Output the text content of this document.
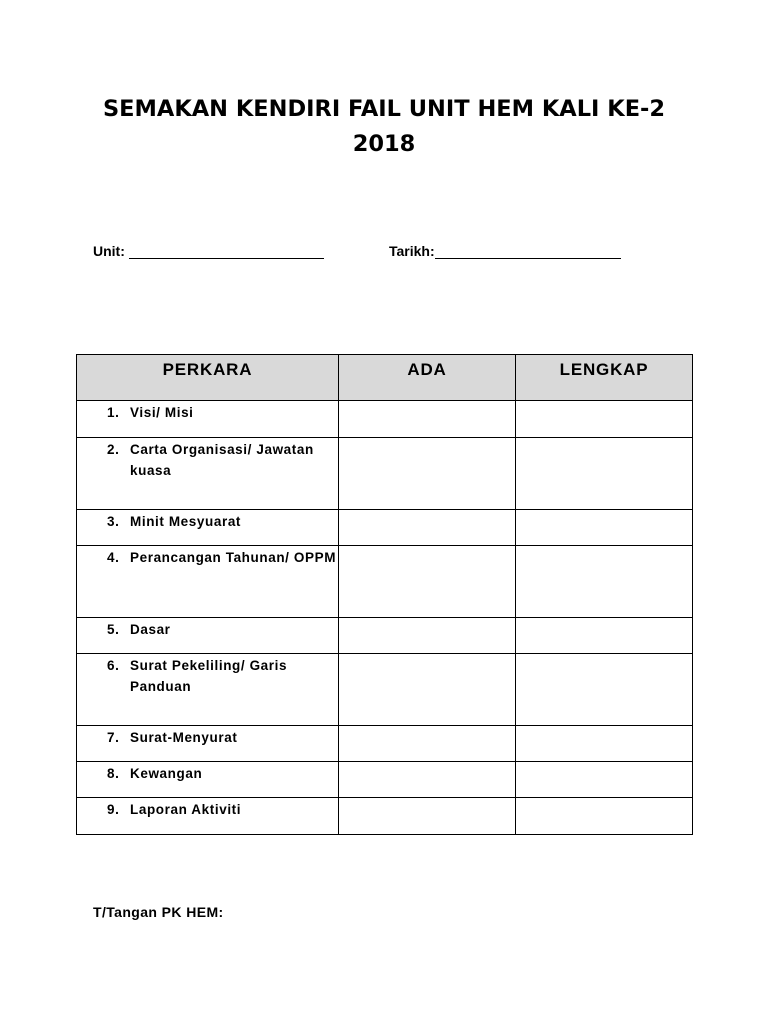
SEMAKAN KENDIRI FAIL UNIT HEM KALI KE-2
2018
Unit:	Tarikh:
PERKARA	ADA	LENGKAP

1. Visi/ Misi		

2. Carta Organisasi/ Jawatan kuasa		

3. Minit Mesyuarat		

4. Perancangan Tahunan/ OPPM		

5. Dasar		

6. Surat Pekeliling/ Garis Panduan		

7. Surat-Menyurat		

8. Kewangan		

9. Laporan Aktiviti		

T/Tangan PK HEM:
